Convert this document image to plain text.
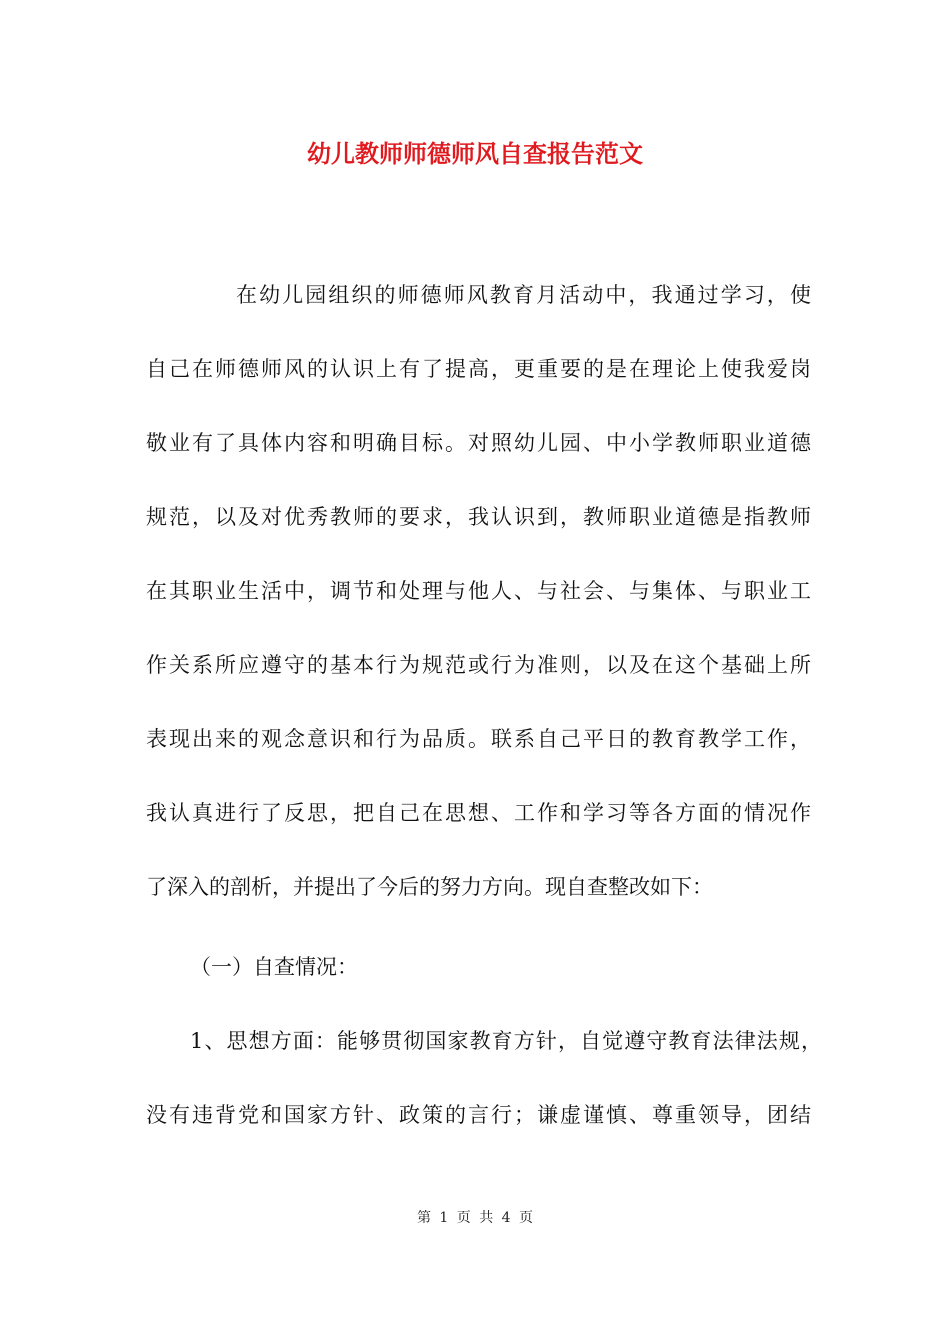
幼儿教师师德师风自查报告范文
在幼儿园组织的师德师风教育月活动中，我通过学习，使
自己在师德师风的认识上有了提高，更重要的是在理论上使我爱岗
敬业有了具体内容和明确目标。对照幼儿园、中小学教师职业道德
规范，以及对优秀教师的要求，我认识到，教师职业道德是指教师
在其职业生活中，调节和处理与他人、与社会、与集体、与职业工
作关系所应遵守的基本行为规范或行为准则，以及在这个基础上所
表现出来的观念意识和行为品质。联系自己平日的教育教学工作，
我认真进行了反思，把自己在思想、工作和学习等各方面的情况作
了深入的剖析，并提出了今后的努力方向。现自查整改如下：
（一）自查情况：
1、思想方面：能够贯彻国家教育方针，自觉遵守教育法律法规，
没有违背党和国家方针、政策的言行；谦虚谨慎、尊重领导，团结
第 1 页 共 4 页
